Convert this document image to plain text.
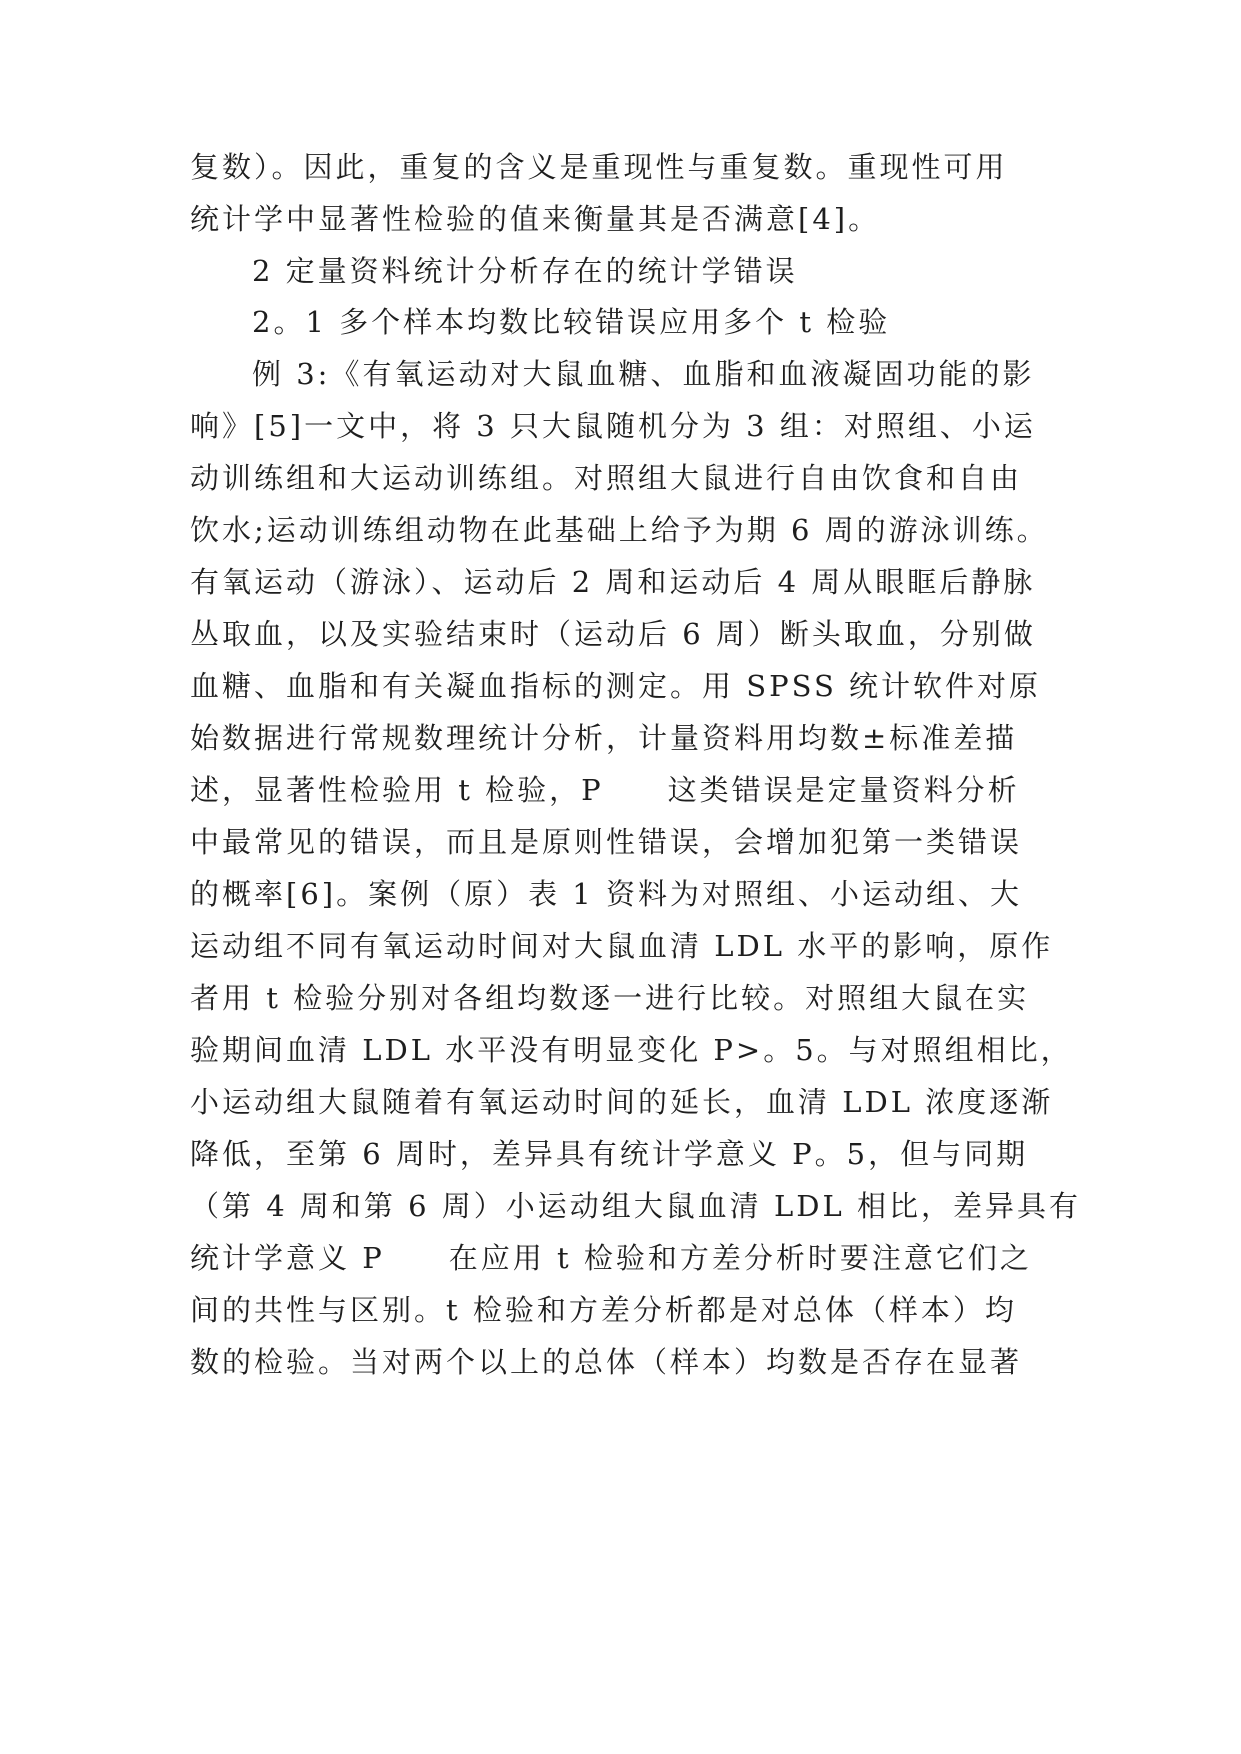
复数）。因此，重复的含义是重现性与重复数。重现性可用
统计学中显著性检验的值来衡量其是否满意[4]。
2 定量资料统计分析存在的统计学错误
2。1 多个样本均数比较错误应用多个 t 检验
例 3:《有氧运动对大鼠血糖、血脂和血液凝固功能的影
响》[5]一文中，将 3 只大鼠随机分为 3 组：对照组、小运
动训练组和大运动训练组。对照组大鼠进行自由饮食和自由
饮水;运动训练组动物在此基础上给予为期 6 周的游泳训练。
有氧运动（游泳）、运动后 2 周和运动后 4 周从眼眶后静脉
丛取血，以及实验结束时（运动后 6 周）断头取血，分别做
血糖、血脂和有关凝血指标的测定。用 SPSS 统计软件对原
始数据进行常规数理统计分析，计量资料用均数±标准差描
述，显著性检验用 t 检验，P　　这类错误是定量资料分析
中最常见的错误，而且是原则性错误，会增加犯第一类错误
的概率[6]。案例（原）表 1 资料为对照组、小运动组、大
运动组不同有氧运动时间对大鼠血清 LDL 水平的影响，原作
者用 t 检验分别对各组均数逐一进行比较。对照组大鼠在实
验期间血清 LDL 水平没有明显变化 P>。5。与对照组相比，
小运动组大鼠随着有氧运动时间的延长，血清 LDL 浓度逐渐
降低，至第 6 周时，差异具有统计学意义 P。5，但与同期
（第 4 周和第 6 周）小运动组大鼠血清 LDL 相比，差异具有
统计学意义 P　　在应用 t 检验和方差分析时要注意它们之
间的共性与区别。t 检验和方差分析都是对总体（样本）均
数的检验。当对两个以上的总体（样本）均数是否存在显著
